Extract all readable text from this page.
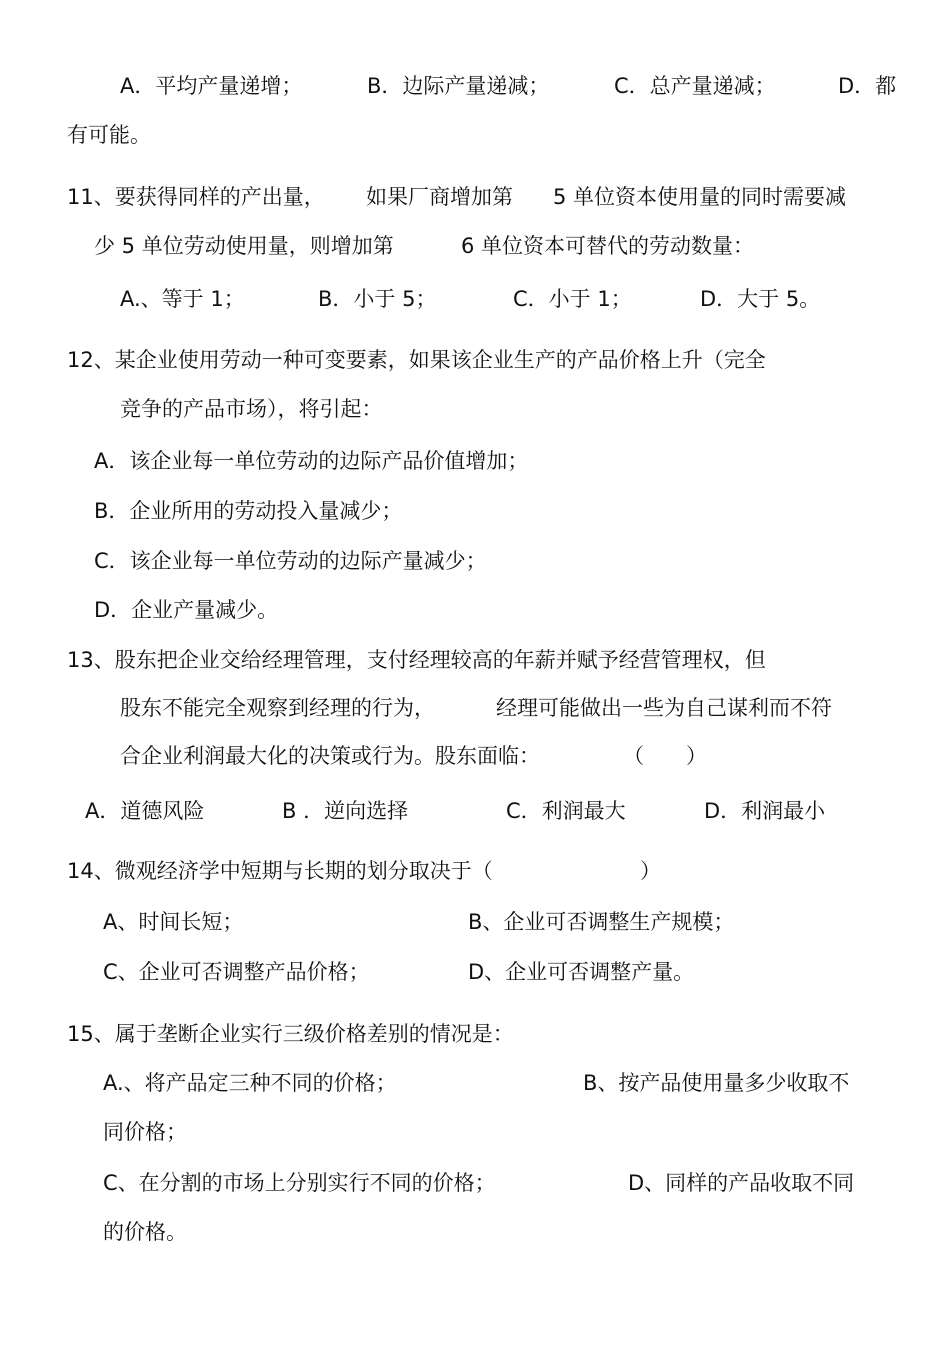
A．平均产量递增；	B．边际产量递减；	C．总产量递减；	D．都
有可能。
11、要获得同样的产出量， 如果厂商增加第 5 单位资本使用量的同时需要减
少 5 单位劳动使用量，则增加第	6 单位资本可替代的劳动数量：
A.、等于 1；	B．小于 5；	C．小于 1；	D．大于 5。
12、某企业使用劳动一种可变要素，如果该企业生产的产品价格上升（完全
竞争的产品市场），将引起：
A．该企业每一单位劳动的边际产品价值增加；
B．企业所用的劳动投入量减少；
C．该企业每一单位劳动的边际产量减少；
D．企业产量减少。
13、股东把企业交给经理管理，支付经理较高的年薪并赋予经营管理权，但
股东不能完全观察到经理的行为，	经理可能做出一些为自己谋利而不符
合企业利润最大化的决策或行为。股东面临：	（ ）
A．道德风险	B ．逆向选择	C．利润最大	D．利润最小
14、微观经济学中短期与长期的划分取决于（	）
A、时间长短；	B、企业可否调整生产规模；
C、企业可否调整产品价格；	D、企业可否调整产量。
15、属于垄断企业实行三级价格差别的情况是：
A.、将产品定三种不同的价格；	B、按产品使用量多少收取不
同价格；
C、在分割的市场上分别实行不同的价格；	D、同样的产品收取不同
的价格。
